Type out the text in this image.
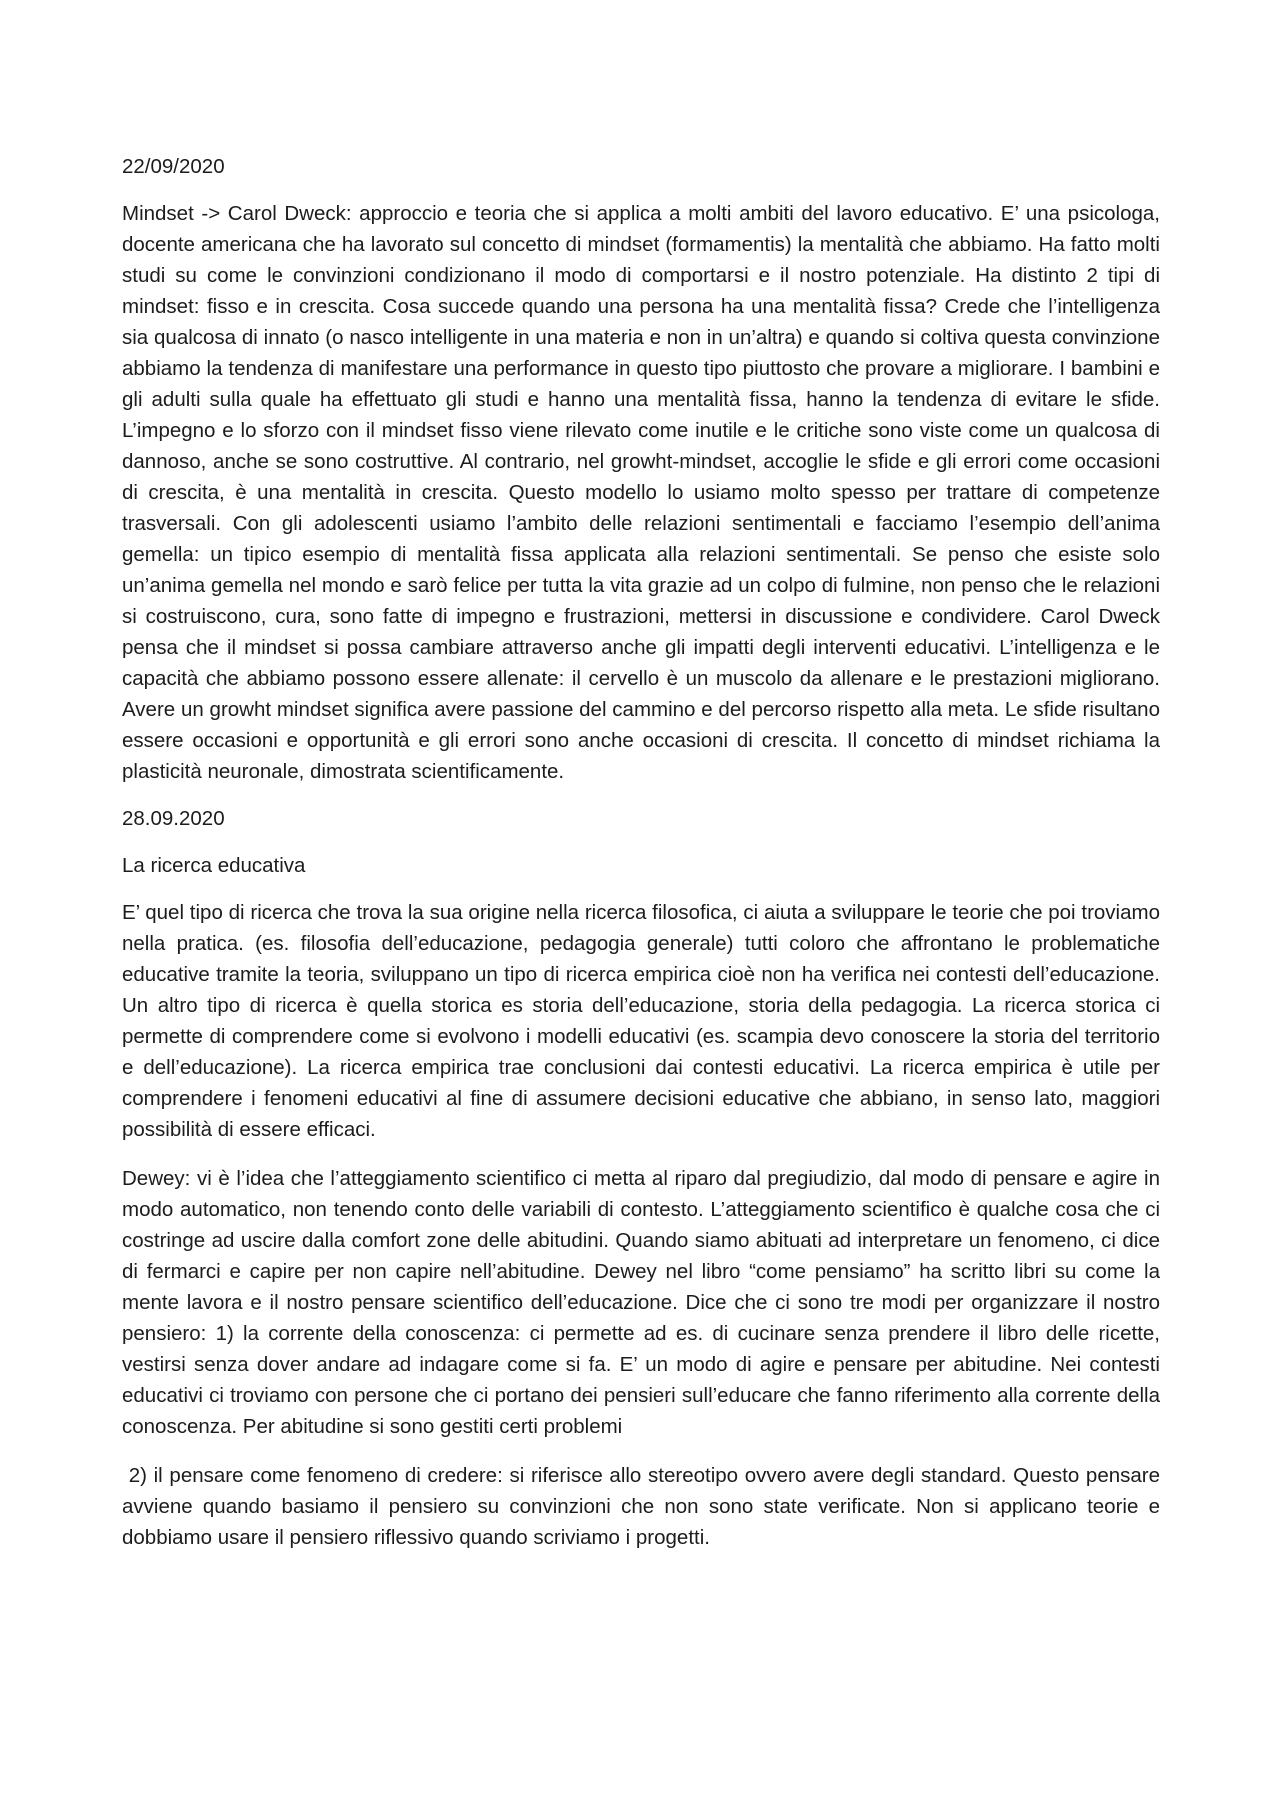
22/09/2020

Mindset -> Carol Dweck: approccio e teoria che si applica a molti ambiti del lavoro educativo. E’ una psicologa, docente americana che ha lavorato sul concetto di mindset (formamentis) la mentalità che abbiamo. Ha fatto molti studi su come le convinzioni condizionano il modo di comportarsi e il nostro potenziale. Ha distinto 2 tipi di mindset: fisso e in crescita. Cosa succede quando una persona ha una mentalità fissa? Crede che l’intelligenza sia qualcosa di innato (o nasco intelligente in una materia e non in un’altra) e quando si coltiva questa convinzione abbiamo la tendenza di manifestare una performance in questo tipo piuttosto che provare a migliorare. I bambini e gli adulti sulla quale ha effettuato gli studi e hanno una mentalità fissa, hanno la tendenza di evitare le sfide. L’impegno e lo sforzo con il mindset fisso viene rilevato come inutile e le critiche sono viste come un qualcosa di dannoso, anche se sono costruttive. Al contrario, nel growht-mindset, accoglie le sfide e gli errori come occasioni di crescita, è una mentalità in crescita. Questo modello lo usiamo molto spesso per trattare di competenze trasversali. Con gli adolescenti usiamo l’ambito delle relazioni sentimentali e facciamo l’esempio dell’anima gemella: un tipico esempio di mentalità fissa applicata alla relazioni sentimentali. Se penso che esiste solo un’anima gemella nel mondo e sarò felice per tutta la vita grazie ad un colpo di fulmine, non penso che le relazioni si costruiscono, cura, sono fatte di impegno e frustrazioni, mettersi in discussione e condividere. Carol Dweck pensa che il mindset si possa cambiare attraverso anche gli impatti degli interventi educativi. L’intelligenza e le capacità che abbiamo possono essere allenate: il cervello è un muscolo da allenare e le prestazioni migliorano. Avere un growht mindset significa avere passione del cammino e del percorso rispetto alla meta. Le sfide risultano essere occasioni e opportunità e gli errori sono anche occasioni di crescita. Il concetto di mindset richiama la plasticità neuronale, dimostrata scientificamente.

28.09.2020

La ricerca educativa

E’ quel tipo di ricerca che trova la sua origine nella ricerca filosofica, ci aiuta a sviluppare le teorie che poi troviamo nella pratica. (es. filosofia dell’educazione, pedagogia generale) tutti coloro che affrontano le problematiche educative tramite la teoria, sviluppano un tipo di ricerca empirica cioè non ha verifica nei contesti dell’educazione. Un altro tipo di ricerca è quella storica es storia dell’educazione, storia della pedagogia. La ricerca storica ci permette di comprendere come si evolvono i modelli educativi (es. scampia devo conoscere la storia del territorio e dell’educazione). La ricerca empirica trae conclusioni dai contesti educativi. La ricerca empirica è utile per comprendere i fenomeni educativi al fine di assumere decisioni educative che abbiano, in senso lato, maggiori possibilità di essere efficaci.

Dewey: vi è l’idea che l’atteggiamento scientifico ci metta al riparo dal pregiudizio, dal modo di pensare e agire in modo automatico, non tenendo conto delle variabili di contesto. L’atteggiamento scientifico è qualche cosa che ci costringe ad uscire dalla comfort zone delle abitudini. Quando siamo abituati ad interpretare un fenomeno, ci dice di fermarci e capire per non capire nell’abitudine. Dewey nel libro “come pensiamo” ha scritto libri su come la mente lavora e il nostro pensare scientifico dell’educazione. Dice che ci sono tre modi per organizzare il nostro pensiero: 1) la corrente della conoscenza: ci permette ad es. di cucinare senza prendere il libro delle ricette, vestirsi senza dover andare ad indagare come si fa. E’ un modo di agire e pensare per abitudine. Nei contesti educativi ci troviamo con persone che ci portano dei pensieri sull’educare che fanno riferimento alla corrente della conoscenza. Per abitudine si sono gestiti certi problemi

2) il pensare come fenomeno di credere: si riferisce allo stereotipo ovvero avere degli standard. Questo pensare avviene quando basiamo il pensiero su convinzioni che non sono state verificate. Non si applicano teorie e dobbiamo usare il pensiero riflessivo quando scriviamo i progetti.
